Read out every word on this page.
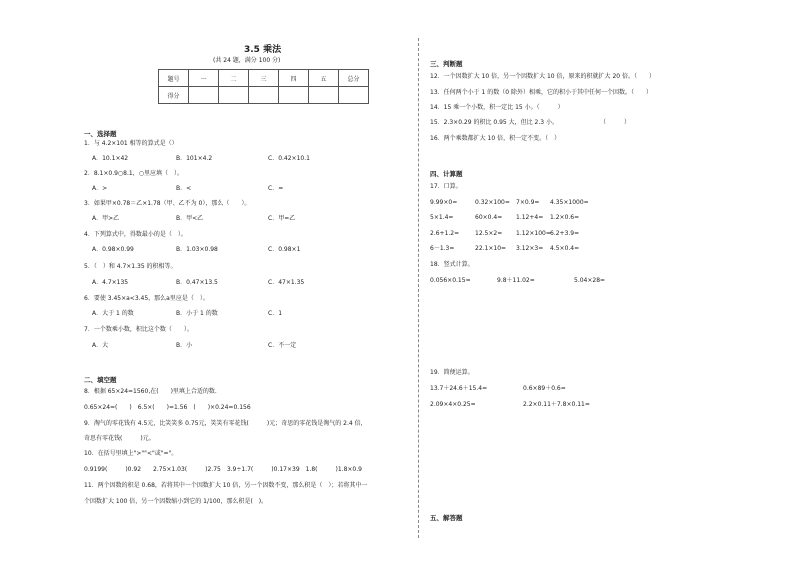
3.5 乘法
(共 24 题，满分 100 分)
题号	一	二	三	四	五	总分
得分						
一、选择题
1．与 4.2×101 相等的算式是（）
A．10.1×42	B．101×4.2	C．0.42×10.1
2．8.1×0.9○8.1，○里应填（　）。
A．>	B．<	C．=
3．如果甲×0.78＝乙×1.78（甲、乙不为 0），那么（　　）。
A．甲>乙	B．甲<乙	C．甲=乙
4．下列算式中，得数最小的是（　）。
A．0.98×0.99	B．1.03×0.98	C．0.98×1
5．（　）和 4.7×1.35 的积相等。
A．4.7×135	B．0.47×13.5	C．47×1.35
6．要使 3.45×a<3.45，那么a里应是（　）。
A．大于 1 的数	B．小于 1 的数	C．1
7．一个数乘小数，积比这个数（　　）。
A．大	B．小	C．不一定
二、填空题
8．根据 65×24=1560,在(　　)里填上合适的数.
0.65×24=(　　)　6.5×(　　)=1.56　(　　)×0.24=0.156
9．淘气的零花钱有 4.5元，比笑笑多 0.75元，笑笑有零花钱(　　　)元；奇思的零花钱是淘气的 2.4 倍，
奇思有零花钱(　　　)元。
10．在括号里填上">""<"或"="。
0.9199(　　　)0.92　　2.75×1.03(　　　)2.75　3.9÷1.7(　　　)0.17×39　1.8(　　　)1.8×0.9
11．两个因数的积是 0.68，若将其中一个因数扩大 10 倍，另一个因数不变，那么积是（　）；若将其中一
个因数扩大 100 倍，另一个因数缩小到它的 1/100，那么积是(　)。
三、判断题
12．一个因数扩大 10 倍，另一个因数扩大 10 倍，原来的积就扩大 20 倍。（　　）
13．任何两个小于 1 的数（0 除外）相乘，它的积小于其中任何一个因数。（　　）
14．15 乘一个小数，积一定比 15 小。（　　　）
15．2.3×0.29 的积比 0.95 大，但比 2.3 小。　　　　　　　　（　　　）
16．两个乘数都扩大 10 倍，积一定不变。（　）
四、计算题
17．口算。
9.99×0=	0.32×100= 7×0.9= 4.35×1000=
5×1.4=	60×0.4= 1.12+4= 1.2×0.6=
2.6+1.2=	12.5×2= 1.12×100= 6.2+3.9=
6－1.3=	22.1×10= 3.12×3= 4.5×0.4=
18．竖式计算。
0.056×0.15=	9.8＋11.02=	5.04×28=
19．简便运算。
13.7＋24.6＋15.4=	0.6×89＋0.6=
2.09×4×0.25=	2.2×0.11＋7.8×0.11=
五、解答题
